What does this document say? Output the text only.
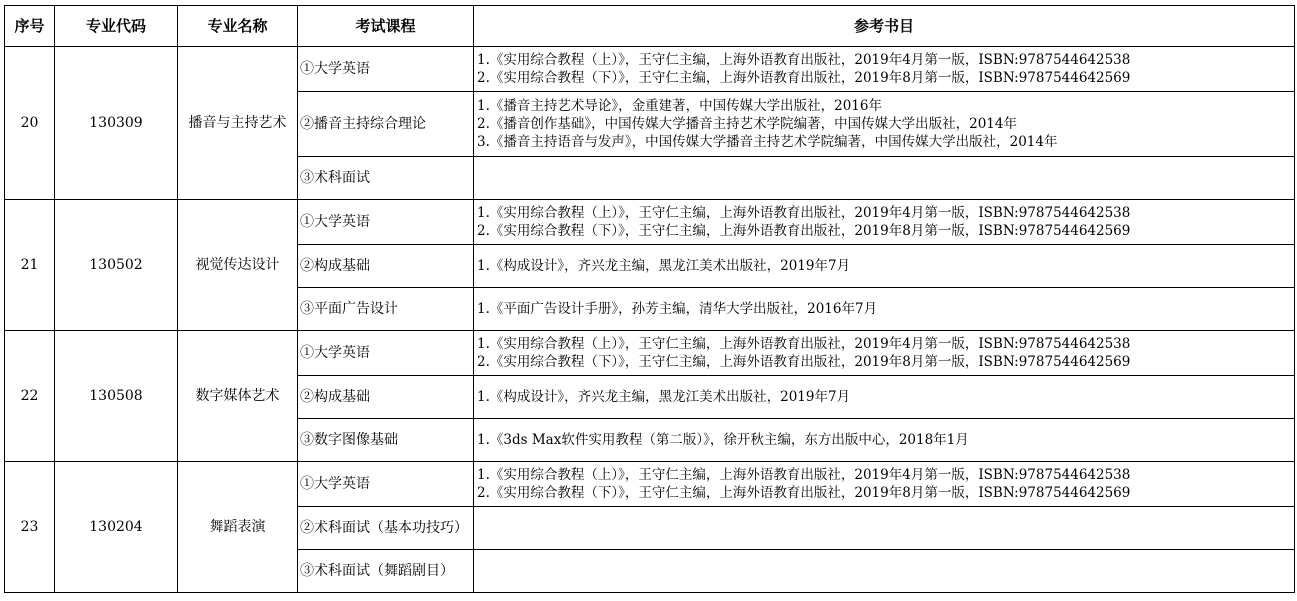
序号	专业代码	专业名称	考试课程	参考书目
20	130309	播音与主持艺术	①大学英语	1.《实用综合教程（上）》，王守仁主编，上海外语教育出版社，2019年4月第一版，ISBN:9787544642538
2.《实用综合教程（下）》，王守仁主编，上海外语教育出版社，2019年8月第一版，ISBN:9787544642569

			②播音主持综合理论	1.《播音主持艺术导论》，金重建著，中国传媒大学出版社，2016年
2.《播音创作基础》，中国传媒大学播音主持艺术学院编著，中国传媒大学出版社，2014年
3.《播音主持语音与发声》，中国传媒大学播音主持艺术学院编著，中国传媒大学出版社，2014年

			③术科面试	
21	130502	视觉传达设计	①大学英语	1.《实用综合教程（上）》，王守仁主编，上海外语教育出版社，2019年4月第一版，ISBN:9787544642538
2.《实用综合教程（下）》，王守仁主编，上海外语教育出版社，2019年8月第一版，ISBN:9787544642569

			②构成基础	1.《构成设计》，齐兴龙主编，黑龙江美术出版社，2019年7月

			③平面广告设计	1.《平面广告设计手册》，孙芳主编，清华大学出版社，2016年7月

22	130508	数字媒体艺术	①大学英语	1.《实用综合教程（上）》，王守仁主编，上海外语教育出版社，2019年4月第一版，ISBN:9787544642538
2.《实用综合教程（下）》，王守仁主编，上海外语教育出版社，2019年8月第一版，ISBN:9787544642569

			②构成基础	1.《构成设计》，齐兴龙主编，黑龙江美术出版社，2019年7月

			③数字图像基础	1.《3ds Max软件实用教程（第二版）》，徐开秋主编，东方出版中心，2018年1月

23	130204	舞蹈表演	①大学英语	1.《实用综合教程（上）》，王守仁主编，上海外语教育出版社，2019年4月第一版，ISBN:9787544642538
2.《实用综合教程（下）》，王守仁主编，上海外语教育出版社，2019年8月第一版，ISBN:9787544642569

			②术科面试（基本功技巧）	
			③术科面试（舞蹈剧目）	
